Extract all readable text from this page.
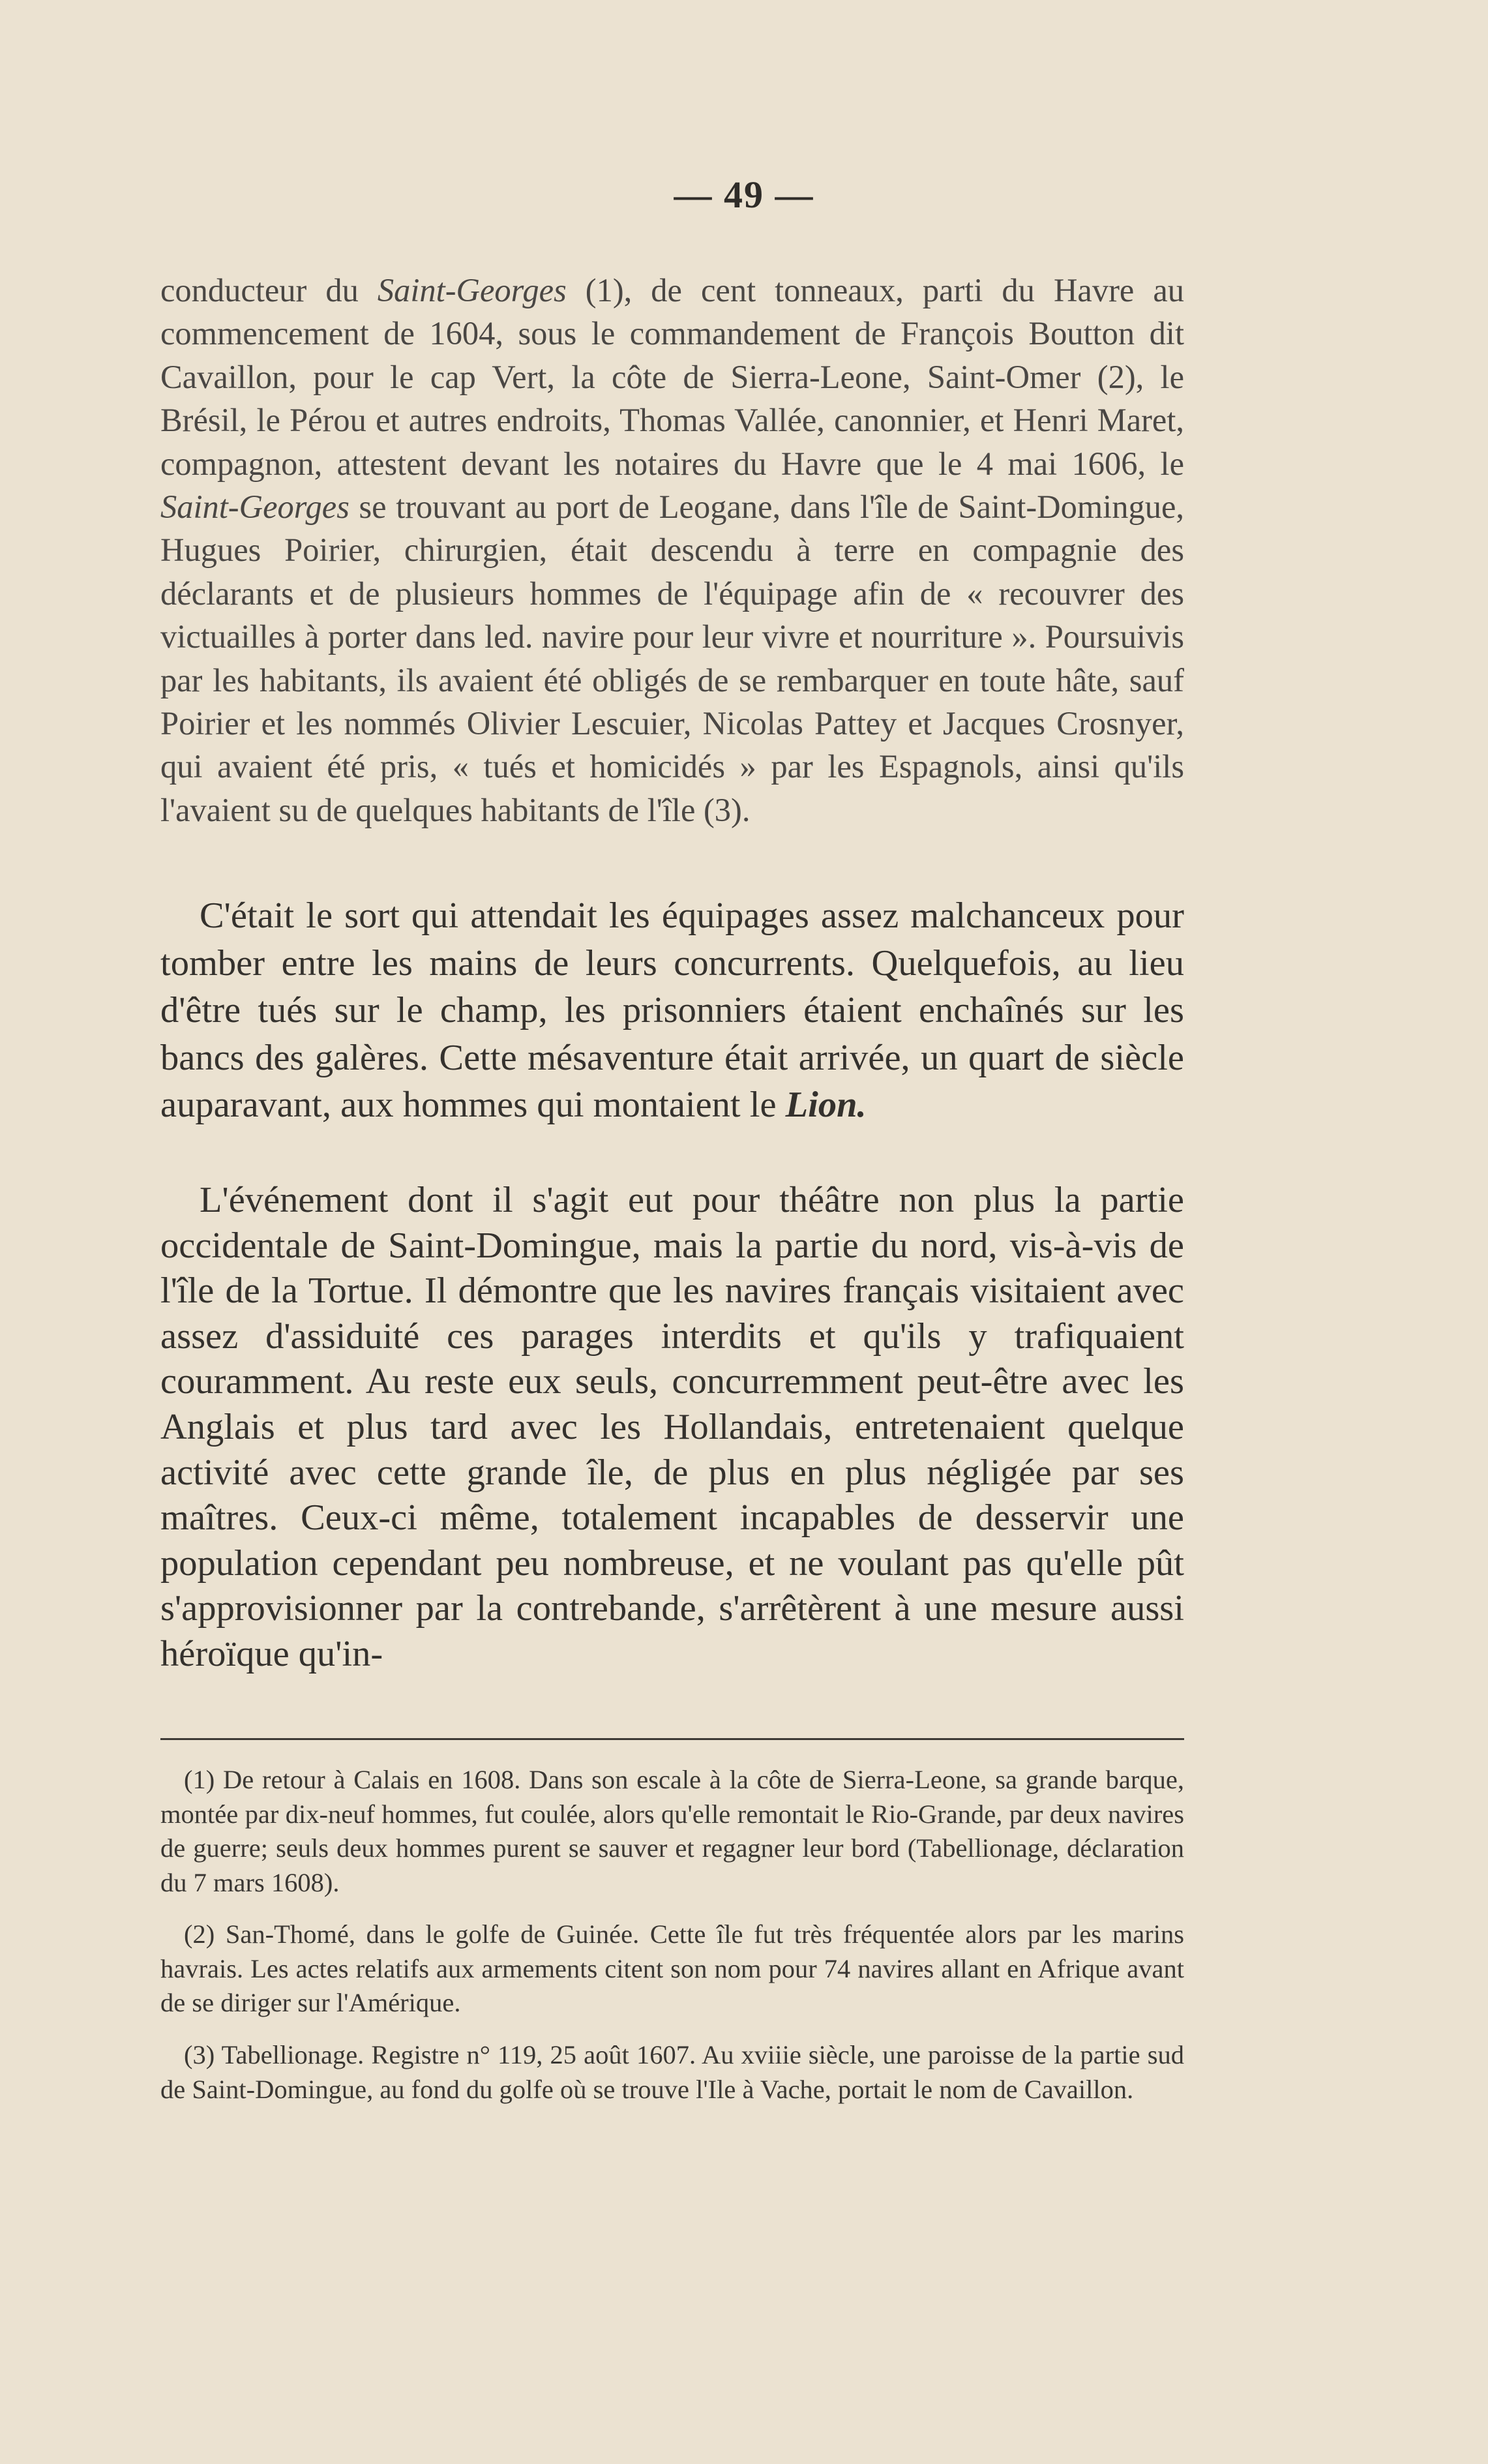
— 49 —

conducteur du Saint-Georges (1), de cent tonneaux, parti du Havre au commencement de 1604, sous le commandement de François Boutton dit Cavaillon, pour le cap Vert, la côte de Sierra-Leone, Saint-Omer (2), le Brésil, le Pérou et autres endroits, Thomas Vallée, canonnier, et Henri Maret, compagnon, attestent devant les notaires du Havre que le 4 mai 1606, le Saint-Georges se trouvant au port de Leogane, dans l'île de Saint-Domingue, Hugues Poirier, chirurgien, était descendu à terre en compagnie des déclarants et de plusieurs hommes de l'équipage afin de « recouvrer des victuailles à porter dans led. navire pour leur vivre et nourriture ». Poursuivis par les habitants, ils avaient été obligés de se rembarquer en toute hâte, sauf Poirier et les nommés Olivier Lescuier, Nicolas Pattey et Jacques Crosnyer, qui avaient été pris, « tués et homicidés » par les Espagnols, ainsi qu'ils l'avaient su de quelques habitants de l'île (3).

C'était le sort qui attendait les équipages assez malchanceux pour tomber entre les mains de leurs concurrents. Quelquefois, au lieu d'être tués sur le champ, les prisonniers étaient enchaînés sur les bancs des galères. Cette mésaventure était arrivée, un quart de siècle auparavant, aux hommes qui montaient le Lion.

L'événement dont il s'agit eut pour théâtre non plus la partie occidentale de Saint-Domingue, mais la partie du nord, vis-à-vis de l'île de la Tortue. Il démontre que les navires français visitaient avec assez d'assiduité ces parages interdits et qu'ils y trafiquaient couramment. Au reste eux seuls, concurremment peut-être avec les Anglais et plus tard avec les Hollandais, entretenaient quelque activité avec cette grande île, de plus en plus négligée par ses maîtres. Ceux-ci même, totalement incapables de desservir une population cependant peu nombreuse, et ne voulant pas qu'elle pût s'approvisionner par la contrebande, s'arrêtèrent à une mesure aussi héroïque qu'in-

(1) De retour à Calais en 1608. Dans son escale à la côte de Sierra-Leone, sa grande barque, montée par dix-neuf hommes, fut coulée, alors qu'elle remontait le Rio-Grande, par deux navires de guerre; seuls deux hommes purent se sauver et regagner leur bord (Tabellionage, déclaration du 7 mars 1608).

(2) San-Thomé, dans le golfe de Guinée. Cette île fut très fréquentée alors par les marins havrais. Les actes relatifs aux armements citent son nom pour 74 navires allant en Afrique avant de se diriger sur l'Amérique.

(3) Tabellionage. Registre n° 119, 25 août 1607. Au xviiie siècle, une paroisse de la partie sud de Saint-Domingue, au fond du golfe où se trouve l'Ile à Vache, portait le nom de Cavaillon.
